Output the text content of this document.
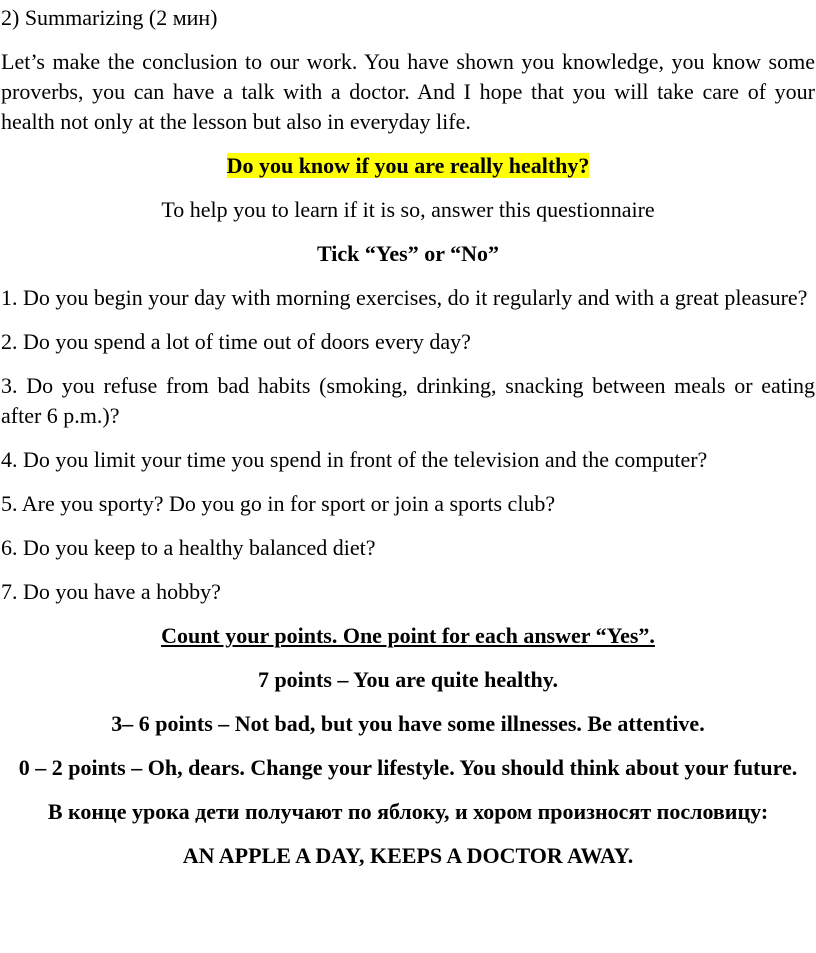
2) Summarizing (2 мин)

Let’s make the conclusion to our work. You have shown you knowledge, you know some proverbs, you can have a talk with a doctor. And I hope that you will take care of your health not only at the lesson but also in everyday life.

Do you know if you are really healthy?

To help you to learn if it is so, answer this questionnaire

Tick “Yes” or “No”

1. Do you begin your day with morning exercises, do it regularly and with a great pleasure?

2. Do you spend a lot of time out of doors every day?

3. Do you refuse from bad habits (smoking, drinking, snacking between meals or eating after 6 p.m.)?

4. Do you limit your time you spend in front of the television and the computer?

5. Are you sporty? Do you go in for sport or join a sports club?

6. Do you keep to a healthy balanced diet?

7. Do you have a hobby?

Count your points. One point for each answer “Yes”.

7 points – You are quite healthy.

3– 6 points – Not bad, but you have some illnesses. Be attentive.

0 – 2 points – Oh, dears. Change your lifestyle. You should think about your future.

В конце урока дети получают по яблоку, и хором произносят пословицу:

AN APPLE A DAY, KEEPS A DOCTOR AWAY.
